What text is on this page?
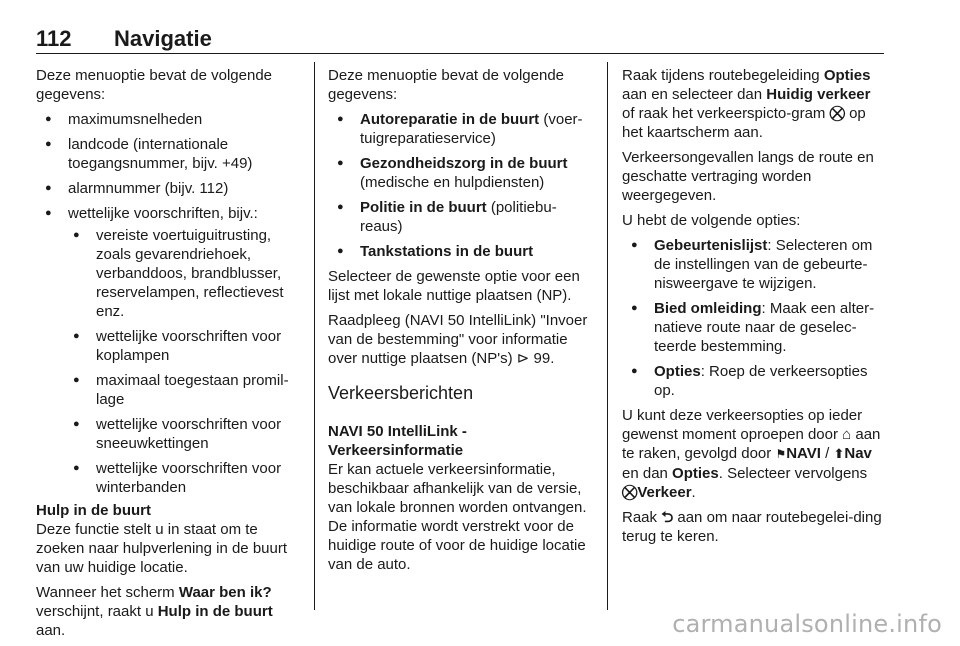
112 Navigatie

Deze menuoptie bevat de volgende gegevens:

● maximumsnelheden
● landcode (internationale toegangsnummer, bijv. +49)
● alarmnummer (bijv. 112)
● wettelijke voorschriften, bijv.:
● vereiste voertuiguitrusting, zoals gevarendriehoek, verbanddoos, brandblusser, reservelampen, reflectievest enz.
● wettelijke voorschriften voor koplampen
● maximaal toegestaan promil-lage
● wettelijke voorschriften voor sneeuwkettingen
● wettelijke voorschriften voor winterbanden
Hulp in de buurt

Deze functie stelt u in staat om te zoeken naar hulpverlening in de buurt van uw huidige locatie.

Wanneer het scherm Waar ben ik? verschijnt, raakt u Hulp in de buurt aan.

Deze menuoptie bevat de volgende gegevens:

● Autoreparatie in de buurt (voer-tuigreparatieservice)
● Gezondheidszorg in de buurt (medische en hulpdiensten)
● Politie in de buurt (politiebu-reaus)
● Tankstations in de buurt

Selecteer de gewenste optie voor een lijst met lokale nuttige plaatsen (NP).

Raadpleeg (NAVI 50 IntelliLink) "Invoer van de bestemming" voor informatie over nuttige plaatsen (NP's) ⊳ 99.

Verkeersberichten
NAVI 50 IntelliLink -
Verkeersinformatie

Er kan actuele verkeersinformatie, beschikbaar afhankelijk van de versie, van lokale bronnen worden ontvangen. De informatie wordt verstrekt voor de huidige route of voor de huidige locatie van de auto.

Raak tijdens routebegeleiding Opties aan en selecteer dan Huidig verkeer of raak het verkeerspicto-gram ⛒ op het kaartscherm aan.

Verkeersongevallen langs de route en geschatte vertraging worden weergegeven.

U hebt de volgende opties:

● Gebeurtenislijst: Selecteren om de instellingen van de gebeurte-nisweergave te wijzigen.
● Bied omleiding: Maak een alter-natieve route naar de geselec-teerde bestemming.
● Opties: Roep de verkeersopties op.

U kunt deze verkeersopties op ieder gewenst moment oproepen door ⌂ aan te raken, gevolgd door ⚑NAVI / ⬆Nav en dan Opties. Selecteer vervolgens ⛒Verkeer.

Raak ⮌ aan om naar routebegelei-ding terug te keren.

carmanualsonline.info
